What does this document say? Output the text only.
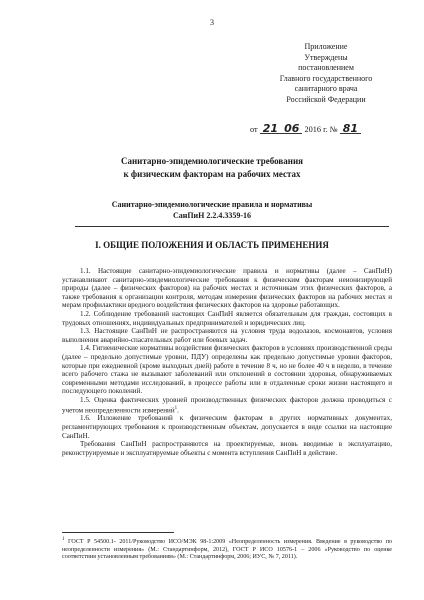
3
Приложение
Утверждены
постановлением
Главного государственного
санитарного врача
Российской Федерации
от 21 06 2016 г. № 81
Санитарно-эпидемиологические требования
к физическим факторам на рабочих местах
Санитарно-эпидемиологические правила и нормативы
СанПиН 2.2.4.3359-16
I. ОБЩИЕ ПОЛОЖЕНИЯ И ОБЛАСТЬ ПРИМЕНЕНИЯ

1.1. Настоящие санитарно-эпидемиологические правила и нормативы (далее – СанПиН) устанавливают санитарно-эпидемиологические требования к физическим факторам неионизирующей природы (далее – физических факторов) на рабочих местах и источникам этих физических факторов, а также требования к организации контроля, методам измерения физических факторов на рабочих местах и мерам профилактики вредного воздействия физических факторов на здоровье работающих.

1.2. Соблюдение требований настоящих СанПиН является обязательным для граждан, состоящих в трудовых отношениях, индивидуальных предпринимателей и юридических лиц.

1.3. Настоящие СанПиН не распространяются на условия труда водолазов, космонавтов, условия выполнения аварийно-спасательных работ или боевых задач.

1.4. Гигиенические нормативы воздействия физических факторов в условиях производственной среды (далее – предельно допустимые уровни, ПДУ) определены как предельно допустимые уровни факторов, которые при ежедневной (кроме выходных дней) работе в течение 8 ч, но не более 40 ч в неделю, в течение всего рабочего стажа не вызывают заболеваний или отклонений в состоянии здоровья, обнаруживаемых современными методами исследований, в процессе работы или в отдаленные сроки жизни настоящего и последующего поколений.

1.5. Оценка фактических уровней производственных физических факторов должна проводиться с учетом неопределенности измерений$^1$.

1.6. Изложение требований к физическим факторам в других нормативных документах, регламентирующих требования к производственным объектам, допускается в виде ссылки на настоящие СанПиН.

Требования СанПиН распространяются на проектируемые, вновь вводимые в эксплуатацию, реконструируемые и эксплуатируемые объекты с момента вступления СанПиН в действие.

$^1$ ГОСТ Р 54500.1- 2011/Руководство ИСО/МЭК 98-1:2009 «Неопределенность измерения. Введение в руководство по неопределенности измерения» (М.: Стандартинформ, 2012), ГОСТ Р ИСО 10576-1 – 2006 «Руководство по оценке соответствия установленным требованиям» (М.: Стандартинформ, 2006; ИУС, № 7, 2011).
